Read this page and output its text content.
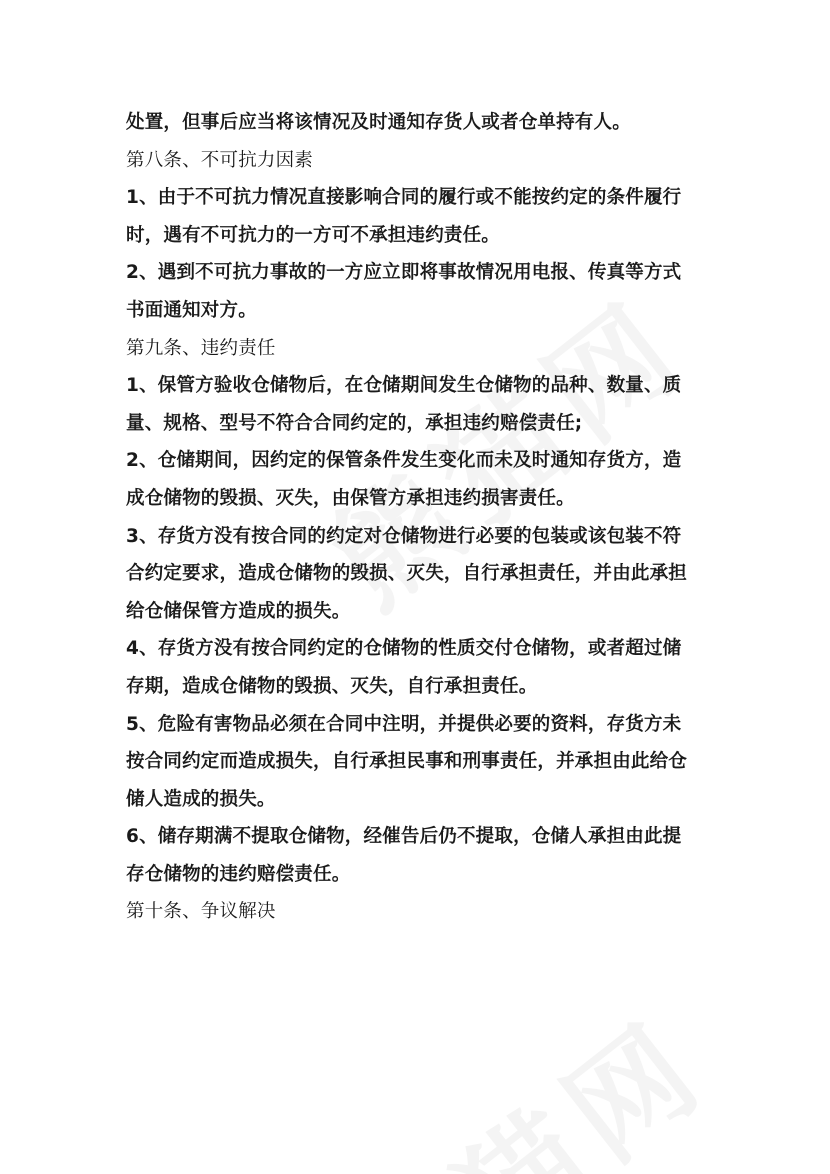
处置，但事后应当将该情况及时通知存货人或者仓单持有人。
第八条、不可抗力因素
1、由于不可抗力情况直接影响合同的履行或不能按约定的条件履行
时，遇有不可抗力的一方可不承担违约责任。
2、遇到不可抗力事故的一方应立即将事故情况用电报、传真等方式
书面通知对方。
第九条、违约责任
1、保管方验收仓储物后，在仓储期间发生仓储物的品种、数量、质
量、规格、型号不符合合同约定的，承担违约赔偿责任;
2、仓储期间，因约定的保管条件发生变化而未及时通知存货方，造
成仓储物的毁损、灭失，由保管方承担违约损害责任。
3、存货方没有按合同的约定对仓储物进行必要的包装或该包装不符
合约定要求，造成仓储物的毁损、灭失，自行承担责任，并由此承担
给仓储保管方造成的损失。
4、存货方没有按合同约定的仓储物的性质交付仓储物，或者超过储
存期，造成仓储物的毁损、灭失，自行承担责任。
5、危险有害物品必须在合同中注明，并提供必要的资料，存货方未
按合同约定而造成损失，自行承担民事和刑事责任，并承担由此给仓
储人造成的损失。
6、储存期满不提取仓储物，经催告后仍不提取，仓储人承担由此提
存仓储物的违约赔偿责任。
第十条、争议解决
